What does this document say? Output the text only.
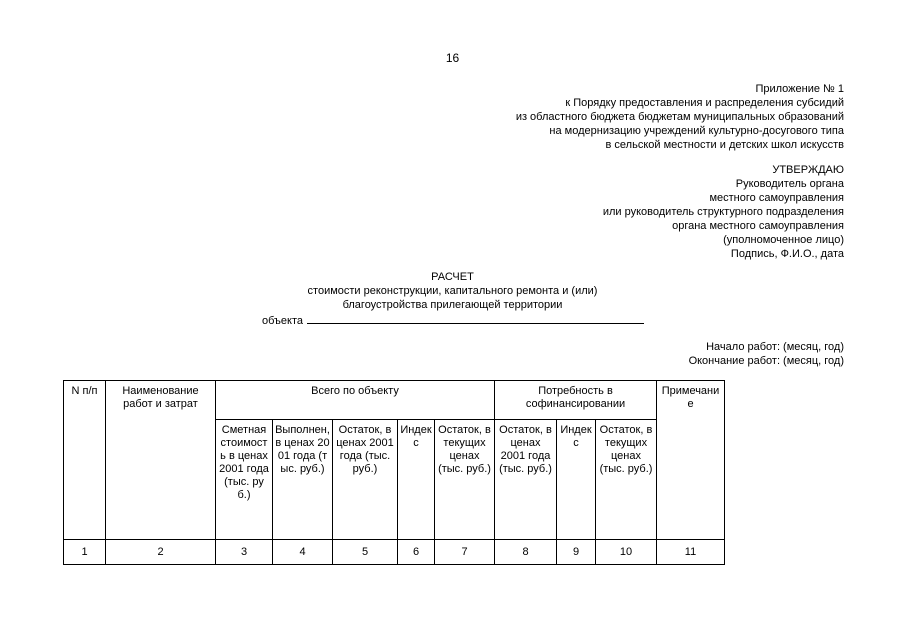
16
Приложение № 1
к Порядку предоставления и распределения субсидий
из областного бюджета бюджетам муниципальных образований
на модернизацию учреждений культурно-досугового типа
в сельской местности и детских школ искусств
УТВЕРЖДАЮ
Руководитель органа
местного самоуправления
или руководитель структурного подразделения
органа местного самоуправления
(уполномоченное лицо)
Подпись, Ф.И.О., дата
РАСЧЕТ
стоимости реконструкции, капитального ремонта и (или)
благоустройства прилегающей территории
объекта
Начало работ: (месяц, год)
Окончание работ: (месяц, год)
N п/п	Наименование работ и затрат	Всего по объекту					Потребность в софинансировании			Примечание
		Сметная стоимость в ценах 2001 года (тыс. руб.)	Выполнен, в ценах 2001 года (тыс. руб.)	Остаток, в ценах 2001 года (тыс. руб.)	Индекс	Остаток, в текущих ценах (тыс. руб.)	Остаток, в ценах 2001 года (тыс. руб.)	Индекс	Остаток, в текущих ценах (тыс. руб.)	
1	2	3	4	5	6	7	8	9	10	11
